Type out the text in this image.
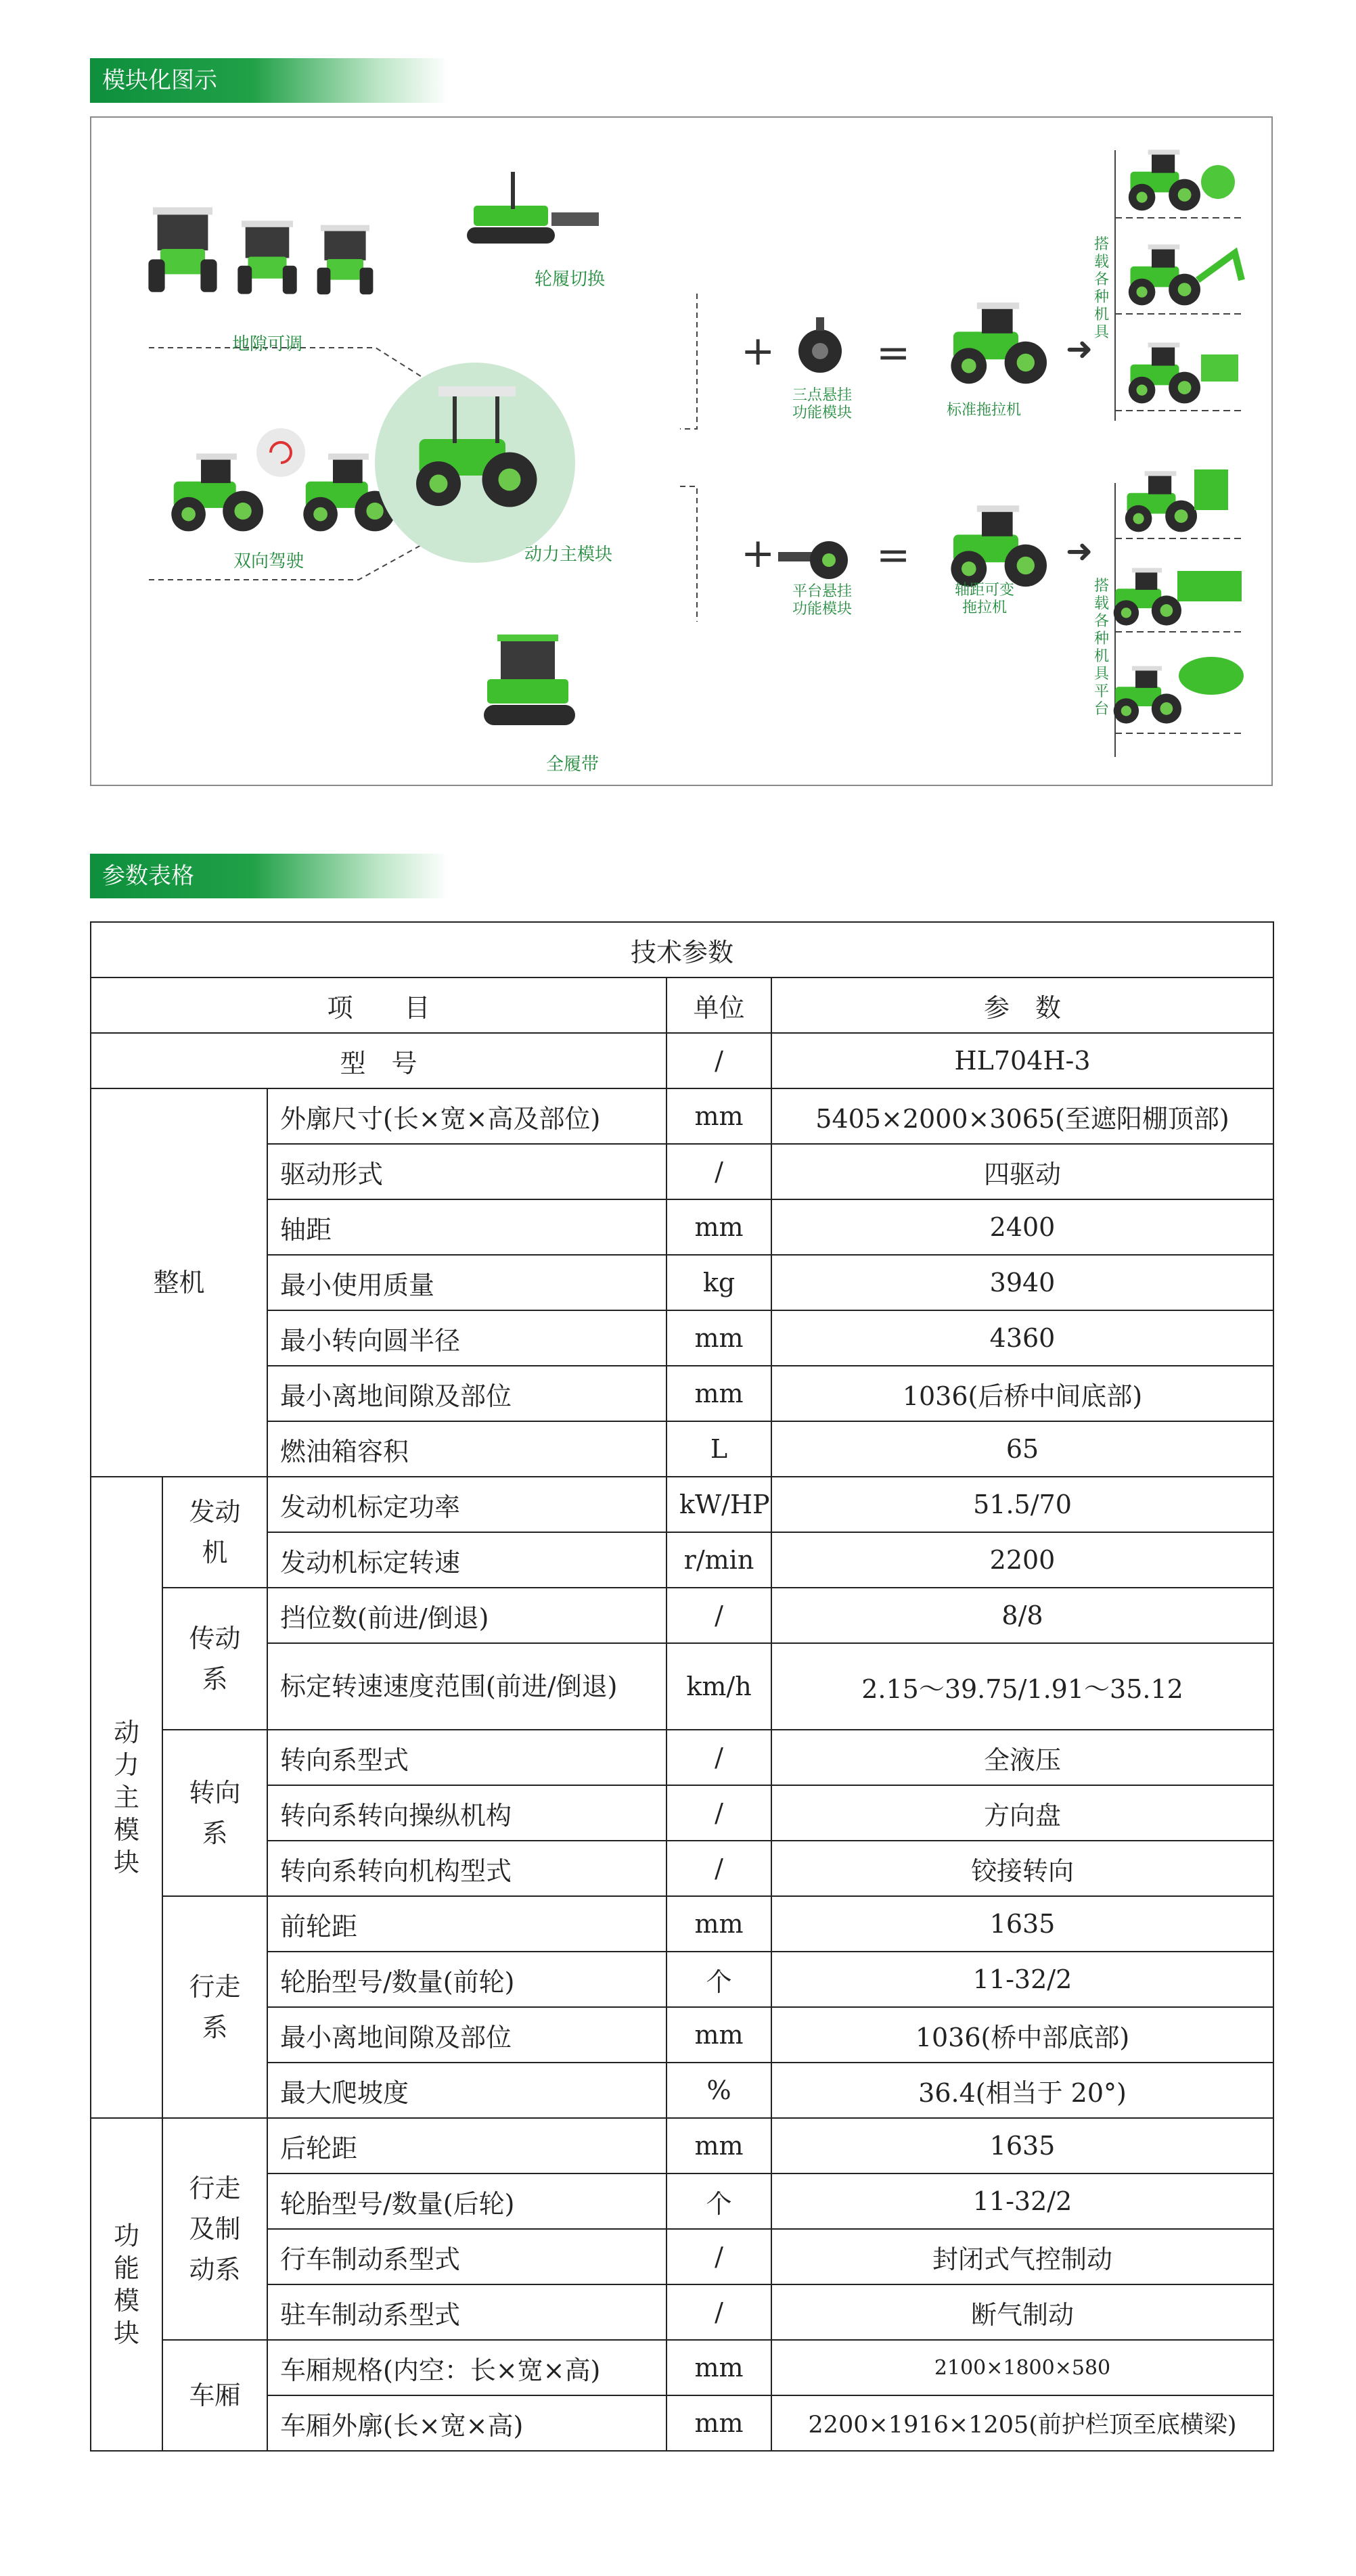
模块化图示
地隙可调
双向驾驶
轮履切换
动力主模块
全履带
+ =	➜
+ =	➜
三点悬挂
功能模块	标准拖拉机
平台悬挂
功能模块
轴距可变
拖拉机
搭载各种机具
搭载各种机具平台
参数表格
技术参数				
项　　目			单位	参　数
型　号			/	HL704H-3
整机		外廓尺寸(长×宽×高及部位)	mm	5405×2000×3065(至遮阳棚顶部)
		驱动形式	/	四驱动
		轴距	mm	2400
		最小使用质量	kg	3940
		最小转向圆半径	mm	4360
		最小离地间隙及部位	mm	1036(后桥中间底部)
		燃油箱容积	L	65
动力主模块	发动机	发动机标定功率	kW/HP	51.5/70
		发动机标定转速	r/min	2200
	传动系	挡位数(前进/倒退)	/	8/8
		标定转速速度范围(前进/倒退)	km/h	2.15～39.75/1.91～35.12
	转向系	转向系型式	/	全液压
		转向系转向操纵机构	/	方向盘
		转向系转向机构型式	/	铰接转向
	行走系	前轮距	mm	1635
		轮胎型号/数量(前轮)	个	11-32/2
		最小离地间隙及部位	mm	1036(桥中部底部)
		最大爬坡度	%	36.4(相当于 20°)
功能模块	行走及制动系	后轮距	mm	1635
		轮胎型号/数量(后轮)	个	11-32/2
		行车制动系型式	/	封闭式气控制动
		驻车制动系型式	/	断气制动
	车厢	车厢规格(内空：长×宽×高)	mm	2100×1800×580
		车厢外廓(长×宽×高)	mm	2200×1916×1205(前护栏顶至底横梁)
